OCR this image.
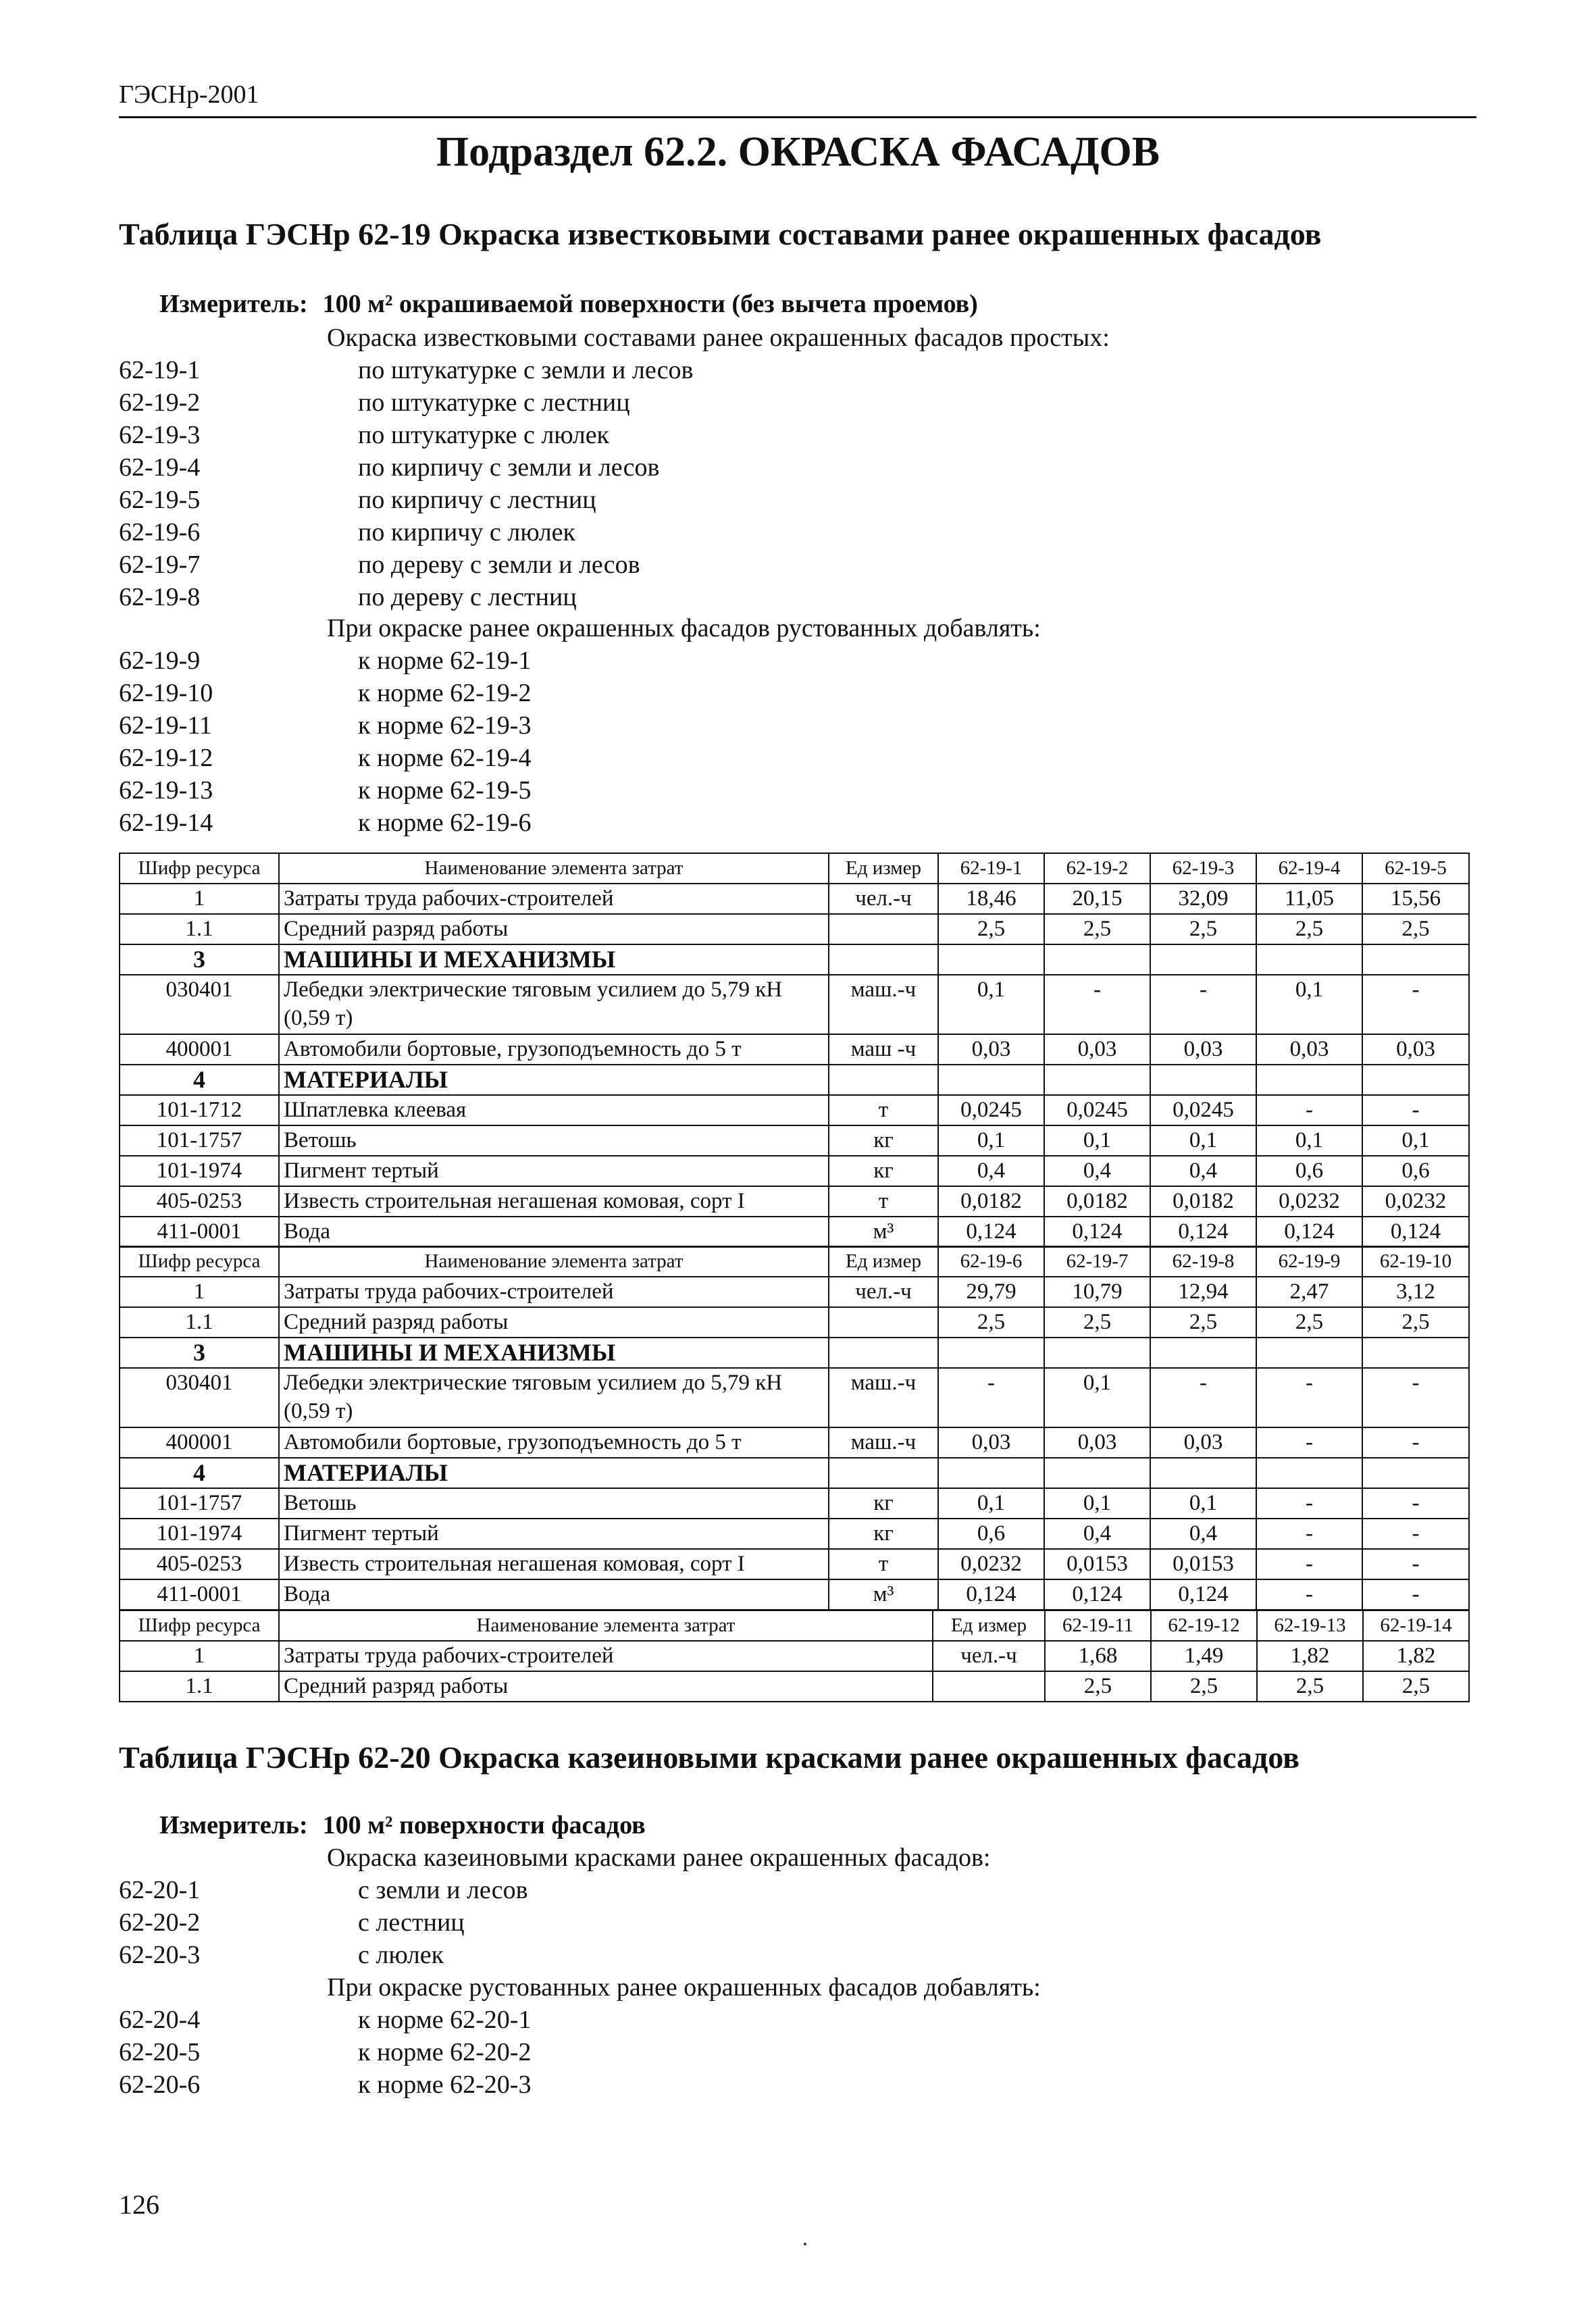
ГЭСНр-2001
Подраздел 62.2. ОКРАСКА ФАСАДОВ
Таблица ГЭСНр 62-19 Окраска известковыми составами ранее окрашенных фасадов
Измеритель: 100 м² окрашиваемой поверхности (без вычета проемов)
Окраска известковыми составами ранее окрашенных фасадов простых:
62-19-1	по штукатурке с земли и лесов
62-19-2	по штукатурке с лестниц
62-19-3	по штукатурке с люлек
62-19-4	по кирпичу с земли и лесов
62-19-5	по кирпичу с лестниц
62-19-6	по кирпичу с люлек
62-19-7	по дереву с земли и лесов
62-19-8	по дереву с лестниц
При окраске ранее окрашенных фасадов рустованных добавлять:
62-19-9	к норме 62-19-1
62-19-10	к норме 62-19-2
62-19-11	к норме 62-19-3
62-19-12	к норме 62-19-4
62-19-13	к норме 62-19-5
62-19-14	к норме 62-19-6
Шифр ресурса	Наименование элемента затрат	Ед измер	62-19-1	62-19-2	62-19-3	62-19-4	62-19-5
1	Затраты труда рабочих-строителей	чел.-ч	18,46	20,15	32,09	11,05	15,56
1.1	Средний разряд работы		2,5	2,5	2,5	2,5	2,5
3	МАШИНЫ И МЕХАНИЗМЫ						
030401	Лебедки электрические тяговым усилием до 5,79 кН (0,59 т)	маш.-ч	0,1	-	-	0,1	-
400001	Автомобили бортовые, грузоподъемность до 5 т	маш -ч	0,03	0,03	0,03	0,03	0,03
4	МАТЕРИАЛЫ						
101-1712	Шпатлевка клеевая	т	0,0245	0,0245	0,0245	-	-
101-1757	Ветошь	кг	0,1	0,1	0,1	0,1	0,1
101-1974	Пигмент тертый	кг	0,4	0,4	0,4	0,6	0,6
405-0253	Известь строительная негашеная комовая, сорт I	т	0,0182	0,0182	0,0182	0,0232	0,0232
411-0001	Вода	м³	0,124	0,124	0,124	0,124	0,124
Шифр ресурса	Наименование элемента затрат	Ед измер	62-19-6	62-19-7	62-19-8	62-19-9	62-19-10
1	Затраты труда рабочих-строителей	чел.-ч	29,79	10,79	12,94	2,47	3,12
1.1	Средний разряд работы		2,5	2,5	2,5	2,5	2,5
3	МАШИНЫ И МЕХАНИЗМЫ						
030401	Лебедки электрические тяговым усилием до 5,79 кН (0,59 т)	маш.-ч	-	0,1	-	-	-
400001	Автомобили бортовые, грузоподъемность до 5 т	маш.-ч	0,03	0,03	0,03	-	-
4	МАТЕРИАЛЫ						
101-1757	Ветошь	кг	0,1	0,1	0,1	-	-
101-1974	Пигмент тертый	кг	0,6	0,4	0,4	-	-
405-0253	Известь строительная негашеная комовая, сорт I	т	0,0232	0,0153	0,0153	-	-
411-0001	Вода	м³	0,124	0,124	0,124	-	-
Шифр ресурса	Наименование элемента затрат	Ед измер	62-19-11	62-19-12	62-19-13	62-19-14
1	Затраты труда рабочих-строителей	чел.-ч	1,68	1,49	1,82	1,82
1.1	Средний разряд работы		2,5	2,5	2,5	2,5
Таблица ГЭСНр 62-20 Окраска казеиновыми красками ранее окрашенных фасадов
Измеритель: 100 м² поверхности фасадов
Окраска казеиновыми красками ранее окрашенных фасадов:
62-20-1	с земли и лесов
62-20-2	с лестниц
62-20-3	с люлек
При окраске рустованных ранее окрашенных фасадов добавлять:
62-20-4	к норме 62-20-1
62-20-5	к норме 62-20-2
62-20-6	к норме 62-20-3
126
